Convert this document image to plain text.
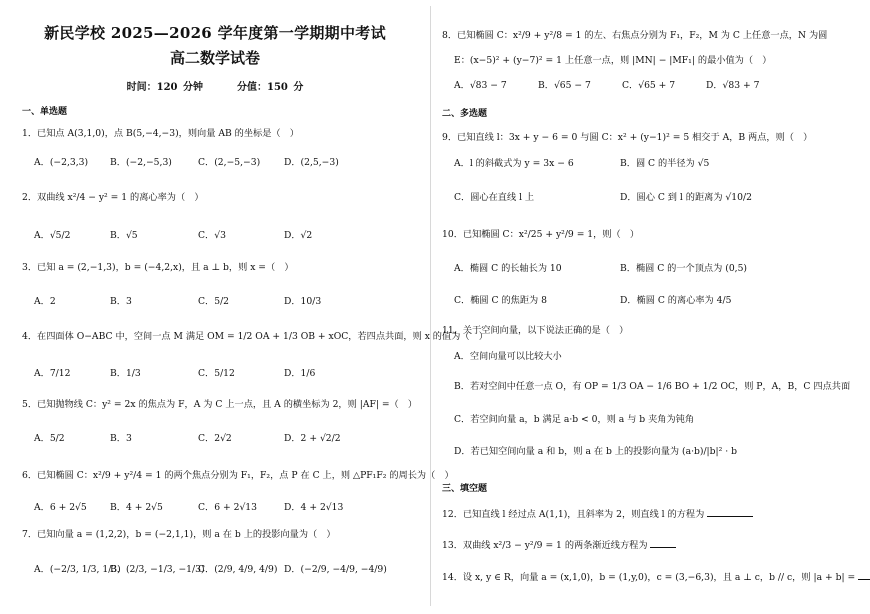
新民学校 2025—2026 学年度第一学期期中考试
高二数学试卷
时间：120 分钟	分值：150 分
一、单选题
1．已知点 A(3,1,0)，点 B(5,−4,−3)，则向量 AB 的坐标是（　）
A．(−2,3,3) B．(−2,−5,3)	C．(2,−5,−3)	D．(2,5,−3)
2．双曲线 x²/4 − y² = 1 的离心率为（　）
A．√5/2	B．√5	C．√3	D．√2
3．已知 a = (2,−1,3)，b = (−4,2,x)，且 a ⊥ b，则 x =（　）
A．2	B．3	C．5/2	D．10/3
4．在四面体 O−ABC 中，空间一点 M 满足 OM = 1/2 OA + 1/3 OB + xOC，若四点共面，则 x 的值为（　）
A．7/12	B．1/3	C．5/12	D．1/6
5．已知抛物线 C：y² = 2x 的焦点为 F，A 为 C 上一点，且 A 的横坐标为 2，则 |AF| =（　）
A．5/2	B．3	C．2√2	D．2 + √2/2
6．已知椭圆 C：x²/9 + y²/4 = 1 的两个焦点分别为 F₁，F₂，点 P 在 C 上，则 △PF₁F₂ 的周长为（　）
A．6 + 2√5	B．4 + 2√5	C．6 + 2√13	D．4 + 2√13
7．已知向量 a = (1,2,2)，b = (−2,1,1)，则 a 在 b 上的投影向量为（　）
A．(−2/3, 1/3, 1/3)
B．(2/3, −1/3, −1/3)
C．(2/9, 4/9, 4/9) D．(−2/9, −4/9, −4/9)
8．已知椭圆 C：x²/9 + y²/8 = 1 的左、右焦点分别为 F₁，F₂，M 为 C 上任意一点，N 为圆
E：(x−5)² + (y−7)² = 1 上任意一点，则 |MN| − |MF₁| 的最小值为（　）
A．√83 − 7	B．√65 − 7	C．√65 + 7	D．√83 + 7
二、多选题
9．已知直线 l：3x + y − 6 = 0 与圆 C：x² + (y−1)² = 5 相交于 A，B 两点，则（　）
A．l 的斜截式为 y = 3x − 6	B．圆 C 的半径为 √5
C．圆心在直线 l 上	D．圆心 C 到 l 的距离为 √10/2
10．已知椭圆 C：x²/25 + y²/9 = 1，则（　）
A．椭圆 C 的长轴长为 10	B．椭圆 C 的一个顶点为 (0,5)
C．椭圆 C 的焦距为 8	D．椭圆 C 的离心率为 4/5
11．关于空间向量，以下说法正确的是（　）
A．空间向量可以比较大小
B．若对空间中任意一点 O，有 OP = 1/3 OA − 1/6 BO + 1/2 OC，则 P，A，B，C 四点共面
C．若空间向量 a，b 满足 a·b < 0，则 a 与 b 夹角为钝角
D．若已知空间向量 a 和 b，则 a 在 b 上的投影向量为 (a·b)/|b|² · b
三、填空题
12．已知直线 l 经过点 A(1,1)，且斜率为 2，则直线 l 的方程为
13．双曲线 x²/3 − y²/9 = 1 的两条渐近线方程为
14．设 x, y ∈ R，向量 a = (x,1,0)，b = (1,y,0)，c = (3,−6,3)，且 a ⊥ c，b // c，则 |a + b| =
